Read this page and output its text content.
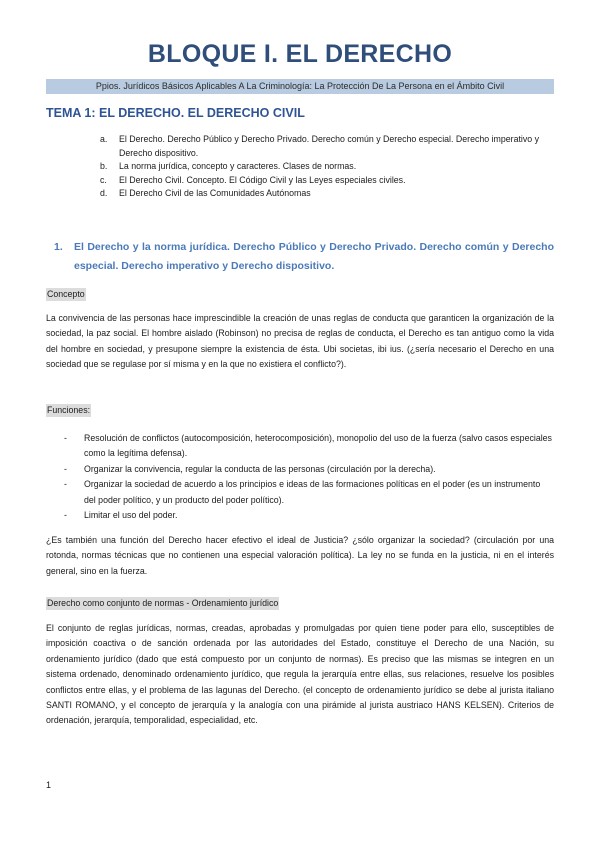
BLOQUE I. EL DERECHO
Ppios. Jurídicos Básicos Aplicables A La Criminología: La Protección De La Persona en el Ámbito Civil
TEMA 1: EL DERECHO. EL DERECHO CIVIL
a.	El Derecho. Derecho Público y Derecho Privado. Derecho común y Derecho especial. Derecho imperativo y Derecho dispositivo.
b.	La norma jurídica, concepto y caracteres. Clases de normas.
c.	El Derecho Civil. Concepto. El Código Civil y las Leyes especiales civiles.
d.	El Derecho Civil de las Comunidades Autónomas
1.	El Derecho y la norma jurídica. Derecho Público y Derecho Privado. Derecho común y Derecho especial. Derecho imperativo y Derecho dispositivo.
Concepto
La convivencia de las personas hace imprescindible la creación de unas reglas de conducta que garanticen la organización de la sociedad, la paz social. El hombre aislado (Robinson) no precisa de reglas de conducta, el Derecho es tan antiguo como la vida del hombre en sociedad, y presupone siempre la existencia de ésta. Ubi societas, ibi ius. (¿sería necesario el Derecho en una sociedad que se regulase por sí misma y en la que no existiera el conflicto?).
Funciones:
-	Resolución de conflictos (autocomposición, heterocomposición), monopolio del uso de la fuerza (salvo casos especiales como la legítima defensa).
-	Organizar la convivencia, regular la conducta de las personas (circulación por la derecha).
-	Organizar la sociedad de acuerdo a los principios e ideas de las formaciones políticas en el poder (es un instrumento del poder político, y un producto del poder político).
-	Limitar el uso del poder.
¿Es también una función del Derecho hacer efectivo el ideal de Justicia? ¿sólo organizar la sociedad? (circulación por una rotonda, normas técnicas que no contienen una especial valoración política). La ley no se funda en la justicia, ni en el interés general, sino en la fuerza.
Derecho como conjunto de normas - Ordenamiento jurídico
El conjunto de reglas jurídicas, normas, creadas, aprobadas y promulgadas por quien tiene poder para ello, susceptibles de imposición coactiva o de sanción ordenada por las autoridades del Estado, constituye el Derecho de una Nación, su ordenamiento jurídico (dado que está compuesto por un conjunto de normas). Es preciso que las mismas se integren en un sistema ordenado, denominado ordenamiento jurídico, que regula la jerarquía entre ellas, sus relaciones, resuelve los posibles conflictos entre ellas, y el problema de las lagunas del Derecho. (el concepto de ordenamiento jurídico se debe al jurista italiano SANTI ROMANO, y el concepto de jerarquía y la analogía con una pirámide al jurista austriaco HANS KELSEN). Criterios de ordenación, jerarquía, temporalidad, especialidad, etc.
1
